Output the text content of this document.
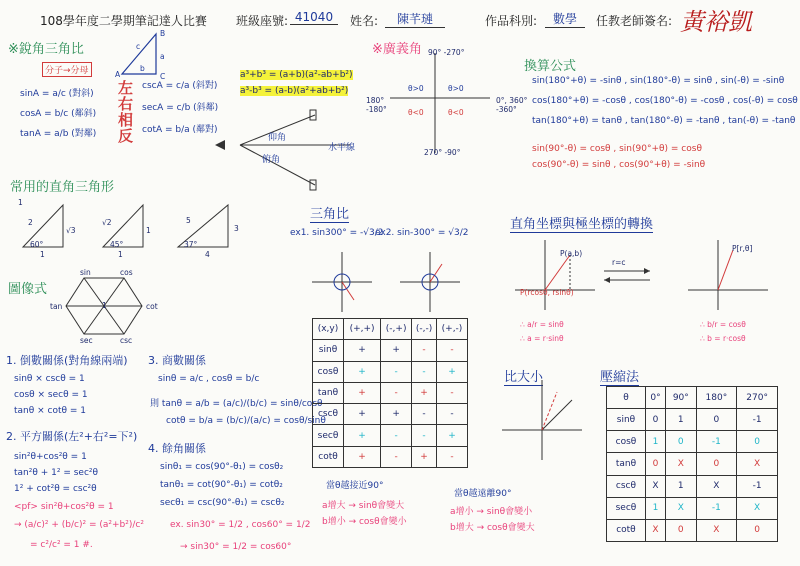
108學年度二學期筆記達人比賽 班級座號: 41040	姓名:	陳芊璉	作品科別:	數學	任教老師簽名: 黃裕凱
※銳角三角比
分子→分母
sinA = a/c (對斜)
cosA = b/c (鄰斜)
tanA = a/b (對鄰)
左右相反
cscA = c/a (斜對)
secA = c/b (斜鄰)
cotA = b/a (鄰對)
B
A	C
c
a
b
a³+b³ = (a+b)(a²-ab+b²)
a³-b³ = (a-b)(a²+ab+b²)
仰角
俯角
水平線
※廣義角 90° -270°
180° -180°
0°, 360° -360°
270° -90°
θ>0
θ>0
θ<0	θ<0
換算公式
sin(180°+θ) = -sinθ , sin(180°-θ) = sinθ , sin(-θ) = -sinθ
cos(180°+θ) = -cosθ , cos(180°-θ) = -cosθ , cos(-θ) = cosθ
tan(180°+θ) = tanθ , tan(180°-θ) = -tanθ , tan(-θ) = -tanθ
sin(90°-θ) = cosθ , sin(90°+θ) = cosθ
cos(90°-θ) = sinθ , cos(90°+θ) = -sinθ
常用的直角三角形
1
2
√3
1
60°
√2
1
1
45°
5
3
4
37°
圖像式
sin	cos
tan	cot
sec	csc
1
1. 倒數關係(對角線兩端)
sinθ × cscθ = 1
cosθ × secθ = 1
tanθ × cotθ = 1
2. 平方關係(左²+右²=下²)
sin²θ+cos²θ = 1
tan²θ + 1² = sec²θ
1² + cot²θ = csc²θ
<pf> sin²θ+cos²θ = 1
→ (a/c)² + (b/c)² = (a²+b²)/c²
= c²/c² = 1 #.
3. 商數關係
sinθ = a/c , cosθ = b/c
則 tanθ = a/b = (a/c)/(b/c) = sinθ/cosθ
cotθ = b/a = (b/c)/(a/c) = cosθ/sinθ
4. 餘角關係
sinθ₁ = cos(90°-θ₁) = cosθ₂
tanθ₁ = cot(90°-θ₁) = cotθ₂
secθ₁ = csc(90°-θ₁) = cscθ₂
ex. sin30° = 1/2 , cos60° = 1/2
→ sin30° = 1/2 = cos60°
三角比
ex1. sin300° = -√3/2
ex2. sin-300° = √3/2
直角坐標與極坐標的轉換
P(a,b)
P(rcosθ, rsinθ)
r=c
P[r,θ]
∴ a/r = sinθ
∴ a = r·sinθ
∴ b/r = cosθ
∴ b = r·cosθ
(x,y)	(+,+)	(-,+)	(-,-)	(+,-)
sinθ	+	+	-	-
cosθ	+	-	-	+
tanθ	+	-	+	-
cscθ	+	+	-	-
secθ	+	-	-	+
cotθ	+	-	+	-
比大小
當θ越接近90°
a增大 → sinθ會變大
b增小 → cosθ會變小
當θ越遠離90°
a增小 → sinθ會變小
b增大 → cosθ會變大
壓縮法
θ	0°	90°	180°	270°
sinθ	0	1	0	-1
cosθ	1	0	-1	0
tanθ	0	X	0	X
cscθ	X	1	X	-1
secθ	1	X	-1	X
cotθ	X	0	X	0
